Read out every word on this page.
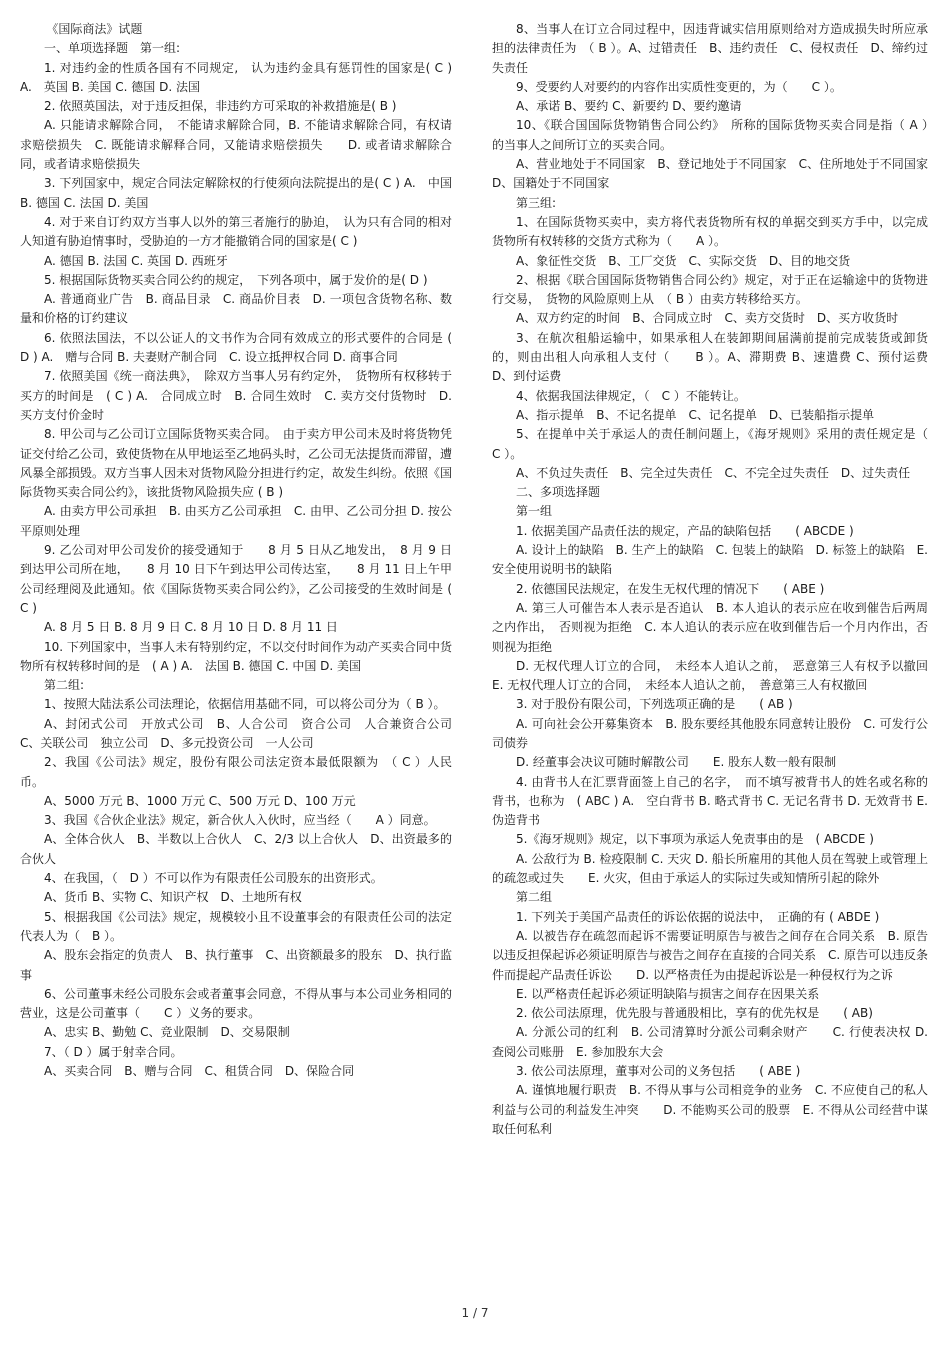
《国际商法》试题

一、单项选择题　第一组:

1. 对违约金的性质各国有不同规定,　认为违约金具有惩罚性的国家是( C ) A.　英国 B. 美国 C. 德国 D. 法国

2. 依照英国法，对于违反担保，非违约方可采取的补救措施是( B )

A. 只能请求解除合同，　不能请求解除合同，B. 不能请求解除合同，有权请求赔偿损失　C. 既能请求解释合同，又能请求赔偿损失　　D. 或者请求解除合同，或者请求赔偿损失

3. 下列国家中，规定合同法定解除权的行使须向法院提出的是( C ) A.　中国 B. 德国 C. 法国 D. 美国

4. 对于来自订约双方当事人以外的第三者施行的胁迫，　认为只有合同的相对人知道有胁迫情事时，受胁迫的一方才能撤销合同的国家是( C )

A. 德国 B. 法国 C. 英国 D. 西班牙

5. 根据国际货物买卖合同公约的规定，　下列各项中，属于发价的是( D )

A. 普通商业广告　B. 商品目录　C. 商品价目表　D. 一项包含货物名称、数量和价格的订约建议

6. 依照法国法，不以公证人的文书作为合同有效成立的形式要件的合同是 ( D ) A.　赠与合同 B. 夫妻财产制合同　C. 设立抵押权合同 D. 商事合同

7. 依照美国《统一商法典》，　除双方当事人另有约定外，　货物所有权移转于买方的时间是　( C ) A.　合同成立时　B. 合同生效时　C. 卖方交付货物时　D. 买方支付价金时

8. 甲公司与乙公司订立国际货物买卖合同。　由于卖方甲公司未及时将货物凭证交付给乙公司，致使货物在从甲地运至乙地码头时，乙公司无法提货而滞留，遭风暴全部损毁。双方当事人因未对货物风险分担进行约定，故发生纠纷。依照《国际货物买卖合同公约》，该批货物风险损失应 ( B )

A. 由卖方甲公司承担　B. 由买方乙公司承担　C. 由甲、乙公司分担 D. 按公平原则处理

9. 乙公司对甲公司发价的接受通知于　　8 月 5 日从乙地发出，　8 月 9 日到达甲公司所在地，　　8 月 10 日下午到达甲公司传达室，　　8 月 11 日上午甲公司经理阅及此通知。依《国际货物买卖合同公约》，乙公司接受的生效时间是 ( C )

A. 8 月 5 日 B. 8 月 9 日 C. 8 月 10 日 D. 8 月 11 日

10. 下列国家中，当事人未有特别约定，不以交付时间作为动产买卖合同中货物所有权转移时间的是　( A ) A.　法国 B. 德国 C. 中国 D. 美国

第二组:

1、按照大陆法系公司法理论，依据信用基础不同，可以将公司分为（ B ）。

A、封闭式公司　开放式公司　B、人合公司　资合公司　人合兼资合公司　C、关联公司　独立公司　D、多元投资公司　一人公司

2、我国《公司法》规定，股份有限公司法定资本最低限额为　（ C ）人民币。

A、5000 万元 B、1000 万元 C、500 万元 D、100 万元

3、我国《合伙企业法》规定，新合伙人入伙时，应当经（　　A ）同意。

A、全体合伙人　B、半数以上合伙人　C、2/3 以上合伙人　D、出资最多的合伙人

4、在我国，（　D ）不可以作为有限责任公司股东的出资形式。

A、货币 B、实物 C、知识产权　D、土地所有权

5、根据我国《公司法》规定，规模较小且不设董事会的有限责任公司的法定代表人为（　B ）。

A、股东会指定的负责人　B、执行董事　C、出资额最多的股东　D、执行监事

6、公司董事未经公司股东会或者董事会同意，不得从事与本公司业务相同的营业，这是公司董事（　　C ）义务的要求。

A、忠实 B、勤勉 C、竞业限制　D、交易限制

7、（ D ）属于射幸合同。

A、买卖合同　B、赠与合同　C、租赁合同　D、保险合同

8、当事人在订立合同过程中，因违背诚实信用原则给对方造成损失时所应承担的法律责任为　（ B ）。A、过错责任　B、违约责任　C、侵权责任　D、缔约过失责任

9、受要约人对要约的内容作出实质性变更的，为（　　C ）。

A、承诺 B、要约 C、新要约 D、要约邀请

10、《联合国国际货物销售合同公约》　所称的国际货物买卖合同是指（ A ）　的当事人之间所订立的买卖合同。

A、营业地处于不同国家　B、登记地处于不同国家　C、住所地处于不同国家　D、国籍处于不同国家

第三组:

1、在国际货物买卖中，卖方将代表货物所有权的单据交到买方手中，以完成货物所有权转移的交货方式称为（　　A ）。

A、象征性交货　B、工厂交货　C、实际交货　D、目的地交货

2、根据《联合国国际货物销售合同公约》规定，对于正在运输途中的货物进行交易，　货物的风险原则上从　（ B ）由卖方转移给买方。

A、双方约定的时间　B、合同成立时　C、卖方交货时　D、买方收货时

3、在航次租船运输中，如果承租人在装卸期间届满前提前完成装货或卸货的，则由出租人向承租人支付（　　B ）。A、滞期费 B、速遣费 C、预付运费　D、到付运费

4、依据我国法律规定，（　C ）不能转让。

A、指示提单　B、不记名提单　C、记名提单　D、已装船指示提单

5、在提单中关于承运人的责任制问题上，《海牙规则》采用的责任规定是（　C ）。

A、不负过失责任　B、完全过失责任　C、不完全过失责任　D、过失责任

二、多项选择题

第一组

1. 依据美国产品责任法的规定，产品的缺陷包括　　( ABCDE )

A. 设计上的缺陷　B. 生产上的缺陷　C. 包装上的缺陷　D. 标签上的缺陷　E. 安全使用说明书的缺陷

2. 依德国民法规定，在发生无权代理的情况下　　( ABE )

A. 第三人可催告本人表示是否追认　B. 本人追认的表示应在收到催告后两周之内作出，　否则视为拒绝　C. 本人追认的表示应在收到催告后一个月内作出，否则视为拒绝

D. 无权代理人订立的合同，　未经本人追认之前，　恶意第三人有权予以撤回　E. 无权代理人订立的合同，　未经本人追认之前，　善意第三人有权撤回

3. 对于股份有限公司，下列选项正确的是　　( AB )

A. 可向社会公开募集资本　B. 股东要经其他股东同意转让股份　C. 可发行公司债券

D. 经董事会决议可随时解散公司　　E. 股东人数一般有限制

4. 由背书人在汇票背面签上自己的名字，　而不填写被背书人的姓名或名称的背书，也称为　( ABC ) A.　空白背书 B. 略式背书 C. 无记名背书 D. 无效背书 E. 伪造背书

5.《海牙规则》规定，以下事项为承运人免责事由的是　( ABCDE )

A. 公敌行为 B. 检疫限制 C. 天灾 D. 船长所雇用的其他人员在驾驶上或管理上的疏忽或过失　　E. 火灾，但由于承运人的实际过失或知情所引起的除外

第二组

1. 下列关于美国产品责任的诉讼依据的说法中，　正确的有 ( ABDE )

A. 以被告存在疏忽而起诉不需要证明原告与被告之间存在合同关系　B. 原告以违反担保起诉必须证明原告与被告之间存在直接的合同关系　C. 原告可以违反条件而提起产品责任诉讼　　D. 以严格责任为由提起诉讼是一种侵权行为之诉

E. 以严格责任起诉必须证明缺陷与损害之间存在因果关系

2. 依公司法原理，优先股与普通股相比，享有的优先权是　　( AB)

A. 分派公司的红利　B. 公司清算时分派公司剩余财产　　C. 行使表决权 D. 查阅公司账册　E. 参加股东大会

3. 依公司法原理，董事对公司的义务包括　　( ABE )

A. 谨慎地履行职责　B. 不得从事与公司相竞争的业务　C. 不应使自己的私人利益与公司的利益发生冲突　　D. 不能购买公司的股票　E. 不得从公司经营中谋取任何私利

1 / 7
